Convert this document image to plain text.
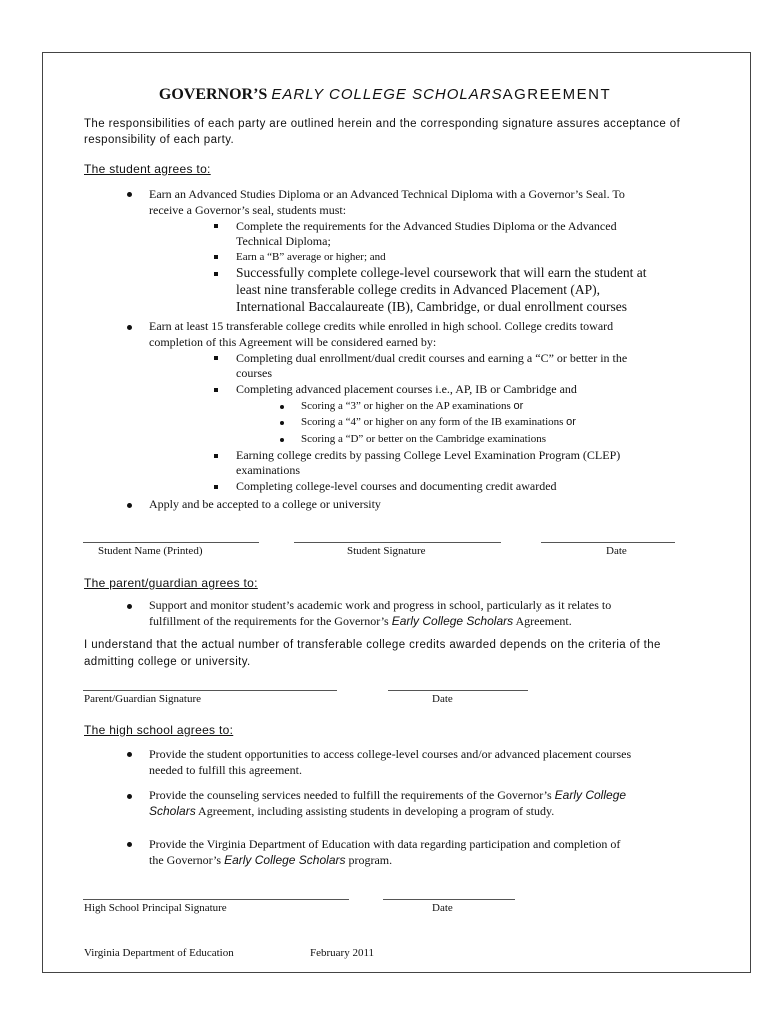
GOVERNOR’S EARLY COLLEGE SCHOLARSAGREEMENT
The responsibilities of each party are outlined herein and the corresponding signature assures acceptance of responsibility of each party.
The student agrees to:
Earn an Advanced Studies Diploma or an Advanced Technical Diploma with a Governor’s Seal. To
receive a Governor’s seal, students must:
Complete the requirements for the Advanced Studies Diploma or the Advanced
Technical Diploma;
Earn a “B” average or higher; and
Successfully complete college-level coursework that will earn the student at
least nine transferable college credits in Advanced Placement (AP),
International Baccalaureate (IB), Cambridge, or dual enrollment courses
Earn at least 15 transferable college credits while enrolled in high school. College credits toward
completion of this Agreement will be considered earned by:
Completing dual enrollment/dual credit courses and earning a “C” or better in the
courses
Completing advanced placement courses i.e., AP, IB or Cambridge and
Scoring a “3” or higher on the AP examinations or
Scoring a “4” or higher on any form of the IB examinations or
Scoring a “D” or better on the Cambridge examinations
Earning college credits by passing College Level Examination Program (CLEP)
examinations
Completing college-level courses and documenting credit awarded
Apply and be accepted to a college or university
Student Name (Printed)	Student Signature	Date
The parent/guardian agrees to:
Support and monitor student’s academic work and progress in school, particularly as it relates to
fulfillment of the requirements for the Governor’s Early College Scholars Agreement.
I understand that the actual number of transferable college credits awarded depends on the criteria of the admitting college or university.
Parent/Guardian Signature	Date
The high school agrees to:
Provide the student opportunities to access college-level courses and/or advanced placement courses
needed to fulfill this agreement.
Provide the counseling services needed to fulfill the requirements of the Governor’s Early College
Scholars Agreement, including assisting students in developing a program of study.
Provide the Virginia Department of Education with data regarding participation and completion of
the Governor’s Early College Scholars program.
High School Principal Signature	Date
Virginia Department of Education	February 2011
